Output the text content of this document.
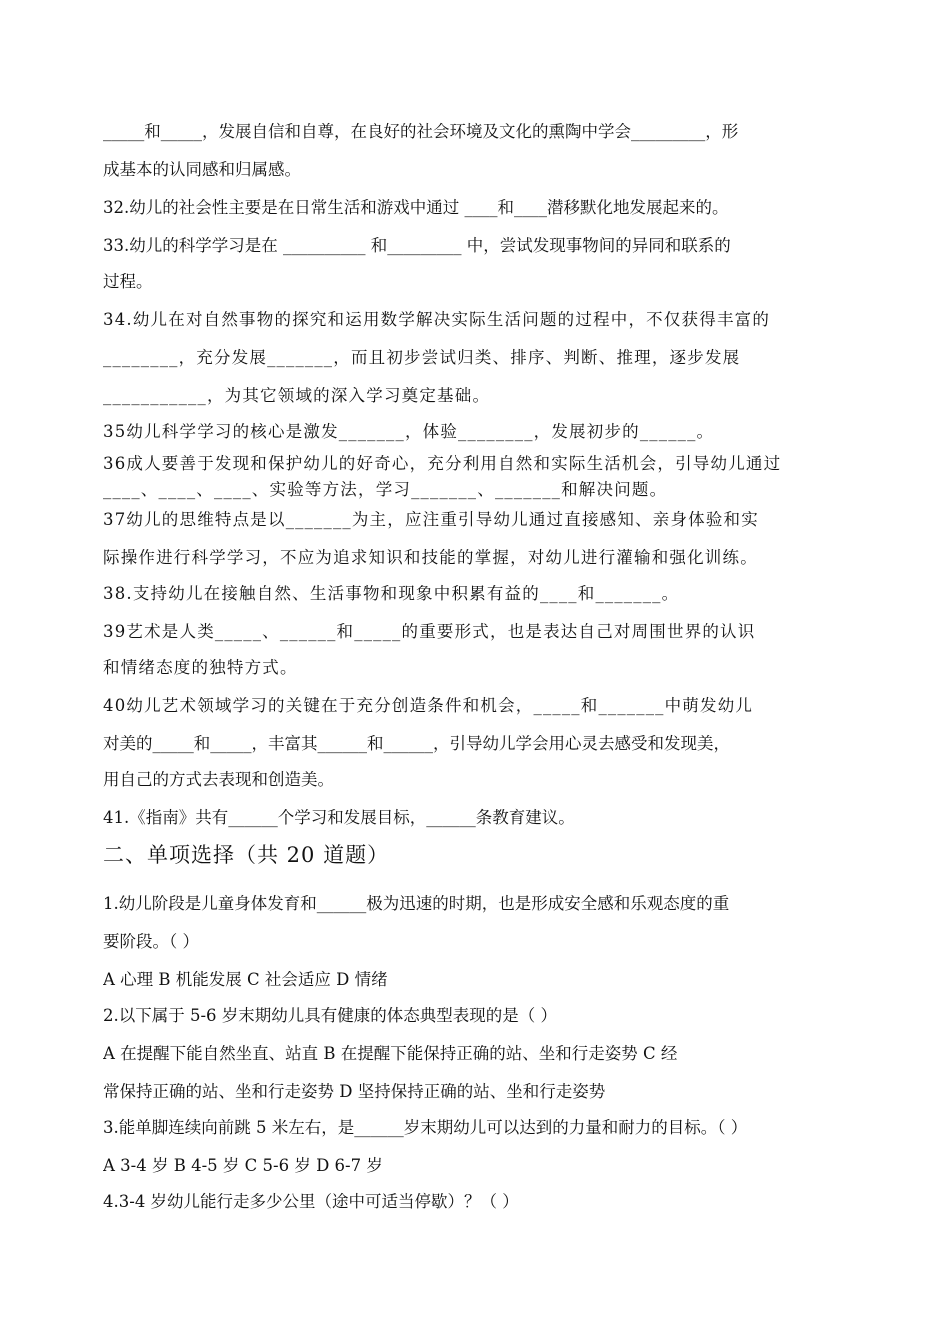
_____和_____，发展自信和自尊，在良好的社会环境及文化的熏陶中学会_________，形
成基本的认同感和归属感。
32.幼儿的社会性主要是在日常生活和游戏中通过 ____和____潜移默化地发展起来的。
33.幼儿的科学学习是在 __________ 和_________ 中，尝试发现事物间的异同和联系的
过程。
34.幼儿在对自然事物的探究和运用数学解决实际生活问题的过程中，不仅获得丰富的
________，充分发展_______，而且初步尝试归类、排序、判断、推理，逐步发展
___________，为其它领域的深入学习奠定基础。
35幼儿科学学习的核心是激发_______，体验________，发展初步的______。
36成人要善于发现和保护幼儿的好奇心，充分利用自然和实际生活机会，引导幼儿通过
____、____、____、实验等方法，学习_______、_______和解决问题。
37幼儿的思维特点是以_______为主，应注重引导幼儿通过直接感知、亲身体验和实
际操作进行科学学习，不应为追求知识和技能的掌握，对幼儿进行灌输和强化训练。
38.支持幼儿在接触自然、生活事物和现象中积累有益的____和_______。
39艺术是人类_____、______和_____的重要形式，也是表达自己对周围世界的认识
和情绪态度的独特方式。
40幼儿艺术领域学习的关键在于充分创造条件和机会，_____和_______中萌发幼儿
对美的_____和_____，丰富其______和______，引导幼儿学会用心灵去感受和发现美，
用自己的方式去表现和创造美。
41.《指南》共有______个学习和发展目标，______条教育建议。
二、单项选择（共 20 道题）
1.幼儿阶段是儿童身体发育和______极为迅速的时期，也是形成安全感和乐观态度的重
要阶段。（ ）
A 心理 B 机能发展 C 社会适应 D 情绪
2.以下属于 5-6 岁末期幼儿具有健康的体态典型表现的是（ ）
A 在提醒下能自然坐直、站直 B 在提醒下能保持正确的站、坐和行走姿势 C 经
常保持正确的站、坐和行走姿势 D 坚持保持正确的站、坐和行走姿势
3.能单脚连续向前跳 5 米左右，是______岁末期幼儿可以达到的力量和耐力的目标。（ ）
A 3-4 岁 B 4-5 岁 C 5-6 岁 D 6-7 岁
4.3-4 岁幼儿能行走多少公里（途中可适当停歇）？（ ）
